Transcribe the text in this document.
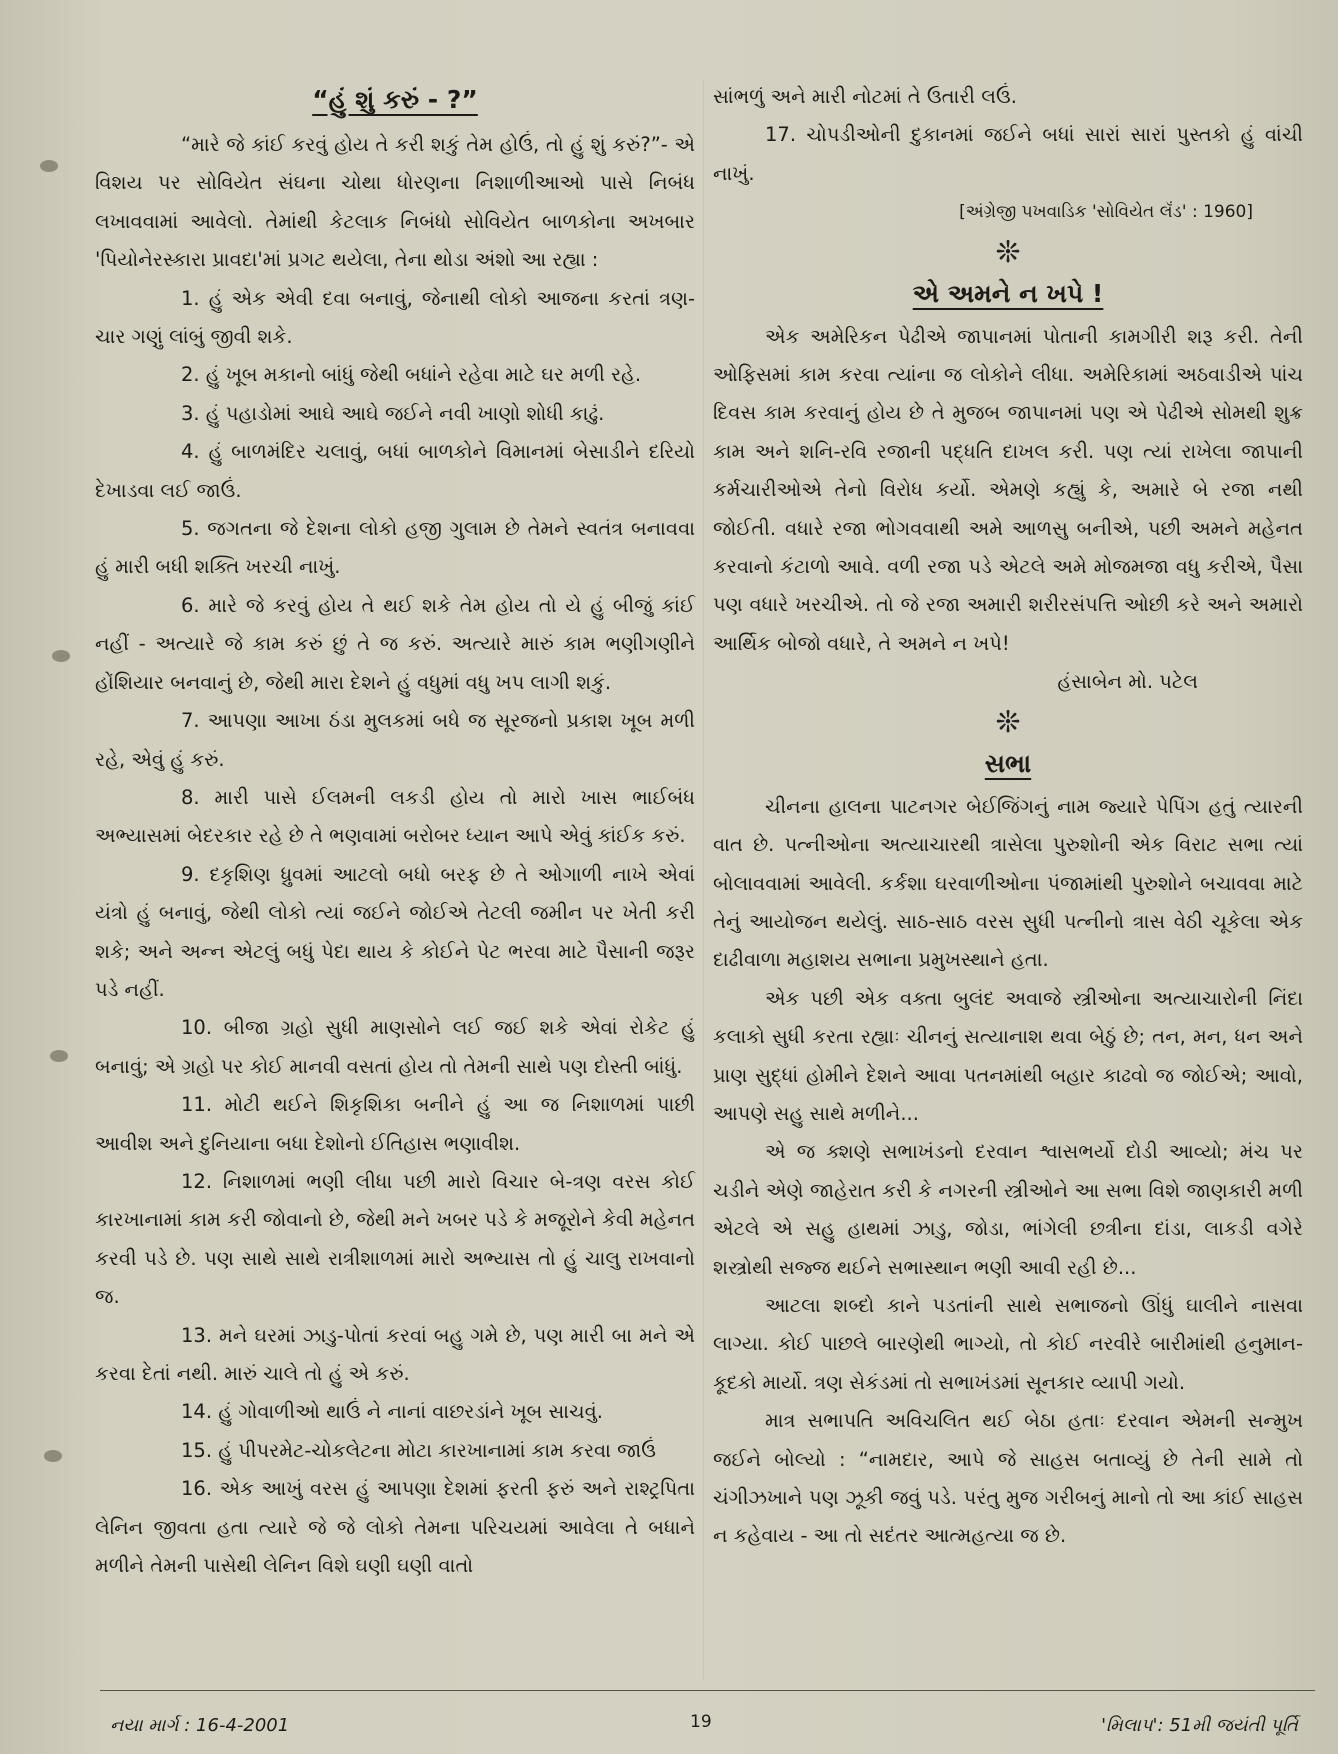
“હું શું કરું - ?”

“મારે જે કાંઈ કરવું હોય તે કરી શકું તેમ હોઉં, તો હું શું કરું?”- એ વિશય પર સોવિયેત સંઘના ચોથા ધોરણના નિશાળીઆઓ પાસે નિબંધ લખાવવામાં આવેલો. તેમાંથી કેટલાક નિબંધો સોવિયેત બાળકોના અખબાર 'પિયોનેરસ્કારા પ્રાવદા'માં પ્રગટ થયેલા, તેના થોડા અંશો આ રહ્યા :

1. હું એક એવી દવા બનાવું, જેનાથી લોકો આજના કરતાં ત્રણ-ચાર ગણું લાંબું જીવી શકે.

2. હું ખૂબ મકાનો બાંધું જેથી બધાંને રહેવા માટે ઘર મળી રહે.

3. હું પહાડોમાં આઘે આઘે જઈને નવી ખાણો શોધી કાઢું.

4. હું બાળમંદિર ચલાવું, બધાં બાળકોને વિમાનમાં બેસાડીને દરિયો દેખાડવા લઈ જાઉં.

5. જગતના જે દેશના લોકો હજી ગુલામ છે તેમને સ્વતંત્ર બનાવવા હું મારી બધી શક્તિ ખરચી નાખું.

6. મારે જે કરવું હોય તે થઈ શકે તેમ હોય તો યે હું બીજું કાંઈ નહીં - અત્યારે જે કામ કરું છું તે જ કરું. અત્યારે મારું કામ ભણીગણીને હોંશિયાર બનવાનું છે, જેથી મારા દેશને હું વધુમાં વધુ ખપ લાગી શકું.

7. આપણા આખા ઠંડા મુલકમાં બધે જ સૂરજનો પ્રકાશ ખૂબ મળી રહે, એવું હું કરું.

8. મારી પાસે ઈલમની લકડી હોય તો મારો ખાસ ભાઈબંધ અભ્યાસમાં બેદરકાર રહે છે તે ભણવામાં બરોબર ધ્યાન આપે એવું કાંઈક કરું.

9. દકૃશિણ ધ્રુવમાં આટલો બધો બરફ છે તે ઓગાળી નાખે એવાં યંત્રો હું બનાવું, જેથી લોકો ત્યાં જઈને જોઈએ તેટલી જમીન પર ખેતી કરી શકે; અને અન્ન એટલું બધું પેદા થાય કે કોઈને પેટ ભરવા માટે પૈસાની જરૂર પડે નહીં.

10. બીજા ગ્રહો સુધી માણસોને લઈ જઈ શકે એવાં રોકેટ હું બનાવું; એ ગ્રહો પર કોઈ માનવી વસતાં હોય તો તેમની સાથે પણ દોસ્તી બાંધું.

11. મોટી થઈને શિકૃશિકા બનીને હું આ જ નિશાળમાં પાછી આવીશ અને દુનિયાના બધા દેશોનો ઈતિહાસ ભણાવીશ.

12. નિશાળમાં ભણી લીધા પછી મારો વિચાર બે-ત્રણ વરસ કોઈ કારખાનામાં કામ કરી જોવાનો છે, જેથી મને ખબર પડે કે મજૂરોને કેવી મહેનત કરવી પડે છે. પણ સાથે સાથે રાત્રીશાળમાં મારો અભ્યાસ તો હું ચાલુ રાખવાનો જ.

13. મને ઘરમાં ઝાડુ-પોતાં કરવાં બહુ ગમે છે, પણ મારી બા મને એ કરવા દેતાં નથી. મારું ચાલે તો હું એ કરું.

14. હું ગોવાળીઓ થાઉં ને નાનાં વાછરડાંને ખૂબ સાચવું.

15. હું પીપરમેટ-ચોકલેટના મોટા કારખાનામાં કામ કરવા જાઉં

16. એક આખું વરસ હું આપણા દેશમાં ફરતી ફરું અને રાશ્ટ્રપિતા લેનિન જીવતા હતા ત્યારે જે જે લોકો તેમના પરિચયમાં આવેલા તે બધાને મળીને તેમની પાસેથી લેનિન વિશે ઘણી ઘણી વાતો

સાંભળું અને મારી નોટમાં તે ઉતારી લઉં.

17. ચોપડીઓની દુકાનમાં જઈને બધાં સારાં સારાં પુસ્તકો હું વાંચી નાખું.

[અંગ્રેજી પખવાડિક 'સોવિયેત લૅંડ' : 1960]

❊
એ અમને ન ખપે !

એક અમેરિકન પેઢીએ જાપાનમાં પોતાની કામગીરી શરૂ કરી. તેની ઓફિસમાં કામ કરવા ત્યાંના જ લોકોને લીધા. અમેરિકામાં અઠવાડીએ પાંચ દિવસ કામ કરવાનું હોય છે તે મુજબ જાપાનમાં પણ એ પેઢીએ સોમથી શુક્ર કામ અને શનિ-રવિ રજાની પદ્ધતિ દાખલ કરી. પણ ત્યાં રાખેલા જાપાની કર્મચારીઓએ તેનો વિરોધ કર્યો. એમણે કહ્યું કે, અમારે બે રજા નથી જોઈતી. વધારે રજા ભોગવવાથી અમે આળસુ બનીએ, પછી અમને મહેનત કરવાનો કંટાળો આવે. વળી રજા પડે એટલે અમે મોજમજા વધુ કરીએ, પૈસા પણ વધારે ખરચીએ. તો જે રજા અમારી શરીરસંપત્તિ ઓછી કરે અને અમારો આર્થિક બોજો વધારે, તે અમને ન ખપે!

હંસાબેન મો. પટેલ

❊
સભા

ચીનના હાલના પાટનગર બેઈજિંગનું નામ જ્યારે પેપિંગ હતું ત્યારની વાત છે. પત્નીઓના અત્યાચારથી ત્રાસેલા પુરુશોની એક વિરાટ સભા ત્યાં બોલાવવામાં આવેલી. કર્કશા ઘરવાળીઓના પંજામાંથી પુરુશોને બચાવવા માટે તેનું આયોજન થયેલું. સાઠ-સાઠ વરસ સુધી પત્નીનો ત્રાસ વેઠી ચૂકેલા એક દાઢીવાળા મહાશય સભાના પ્રમુખસ્થાને હતા.

એક પછી એક વક્તા બુલંદ અવાજે સ્ત્રીઓના અત્યાચારોની નિંદા કલાકો સુધી કરતા રહ્યાઃ ચીનનું સત્યાનાશ થવા બેઠું છે; તન, મન, ધન અને પ્રાણ સુદ્ધાં હોમીને દેશને આવા પતનમાંથી બહાર કાઢવો જ જોઈએ; આવો, આપણે સહુ સાથે મળીને...

એ જ ક્શણે સભાખંડનો દરવાન શ્વાસભર્યો દોડી આવ્યો; મંચ પર ચડીને એણે જાહેરાત કરી કે નગરની સ્ત્રીઓને આ સભા વિશે જાણકારી મળી એટલે એ સહુ હાથમાં ઝાડુ, જોડા, ભાંગેલી છત્રીના દાંડા, લાકડી વગેરે શસ્ત્રોથી સજ્જ થઈને સભાસ્થાન ભણી આવી રહી છે...

આટલા શબ્દો કાને પડતાંની સાથે સભાજનો ઊંધું ઘાલીને નાસવા લાગ્યા. કોઈ પાછલે બારણેથી ભાગ્યો, તો કોઈ નરવીરે બારીમાંથી હનુમાન-કૂદકો માર્યો. ત્રણ સેકંડમાં તો સભાખંડમાં સૂનકાર વ્યાપી ગયો.

માત્ર સભાપતિ અવિચલિત થઈ બેઠા હતાઃ દરવાન એમની સન્મુખ જઈને બોલ્યો : “નામદાર, આપે જે સાહસ બતાવ્યું છે તેની સામે તો ચંગીઝખાને પણ ઝૂકી જવું પડે. પરંતુ મુજ ગરીબનું માનો તો આ કાંઈ સાહસ ન કહેવાય - આ તો સદંતર આત્મહત્યા જ છે.

નયા માર્ગ : 16-4-2001	19	'મિલાપ': 51મી જયંતી પૂર્તિ
